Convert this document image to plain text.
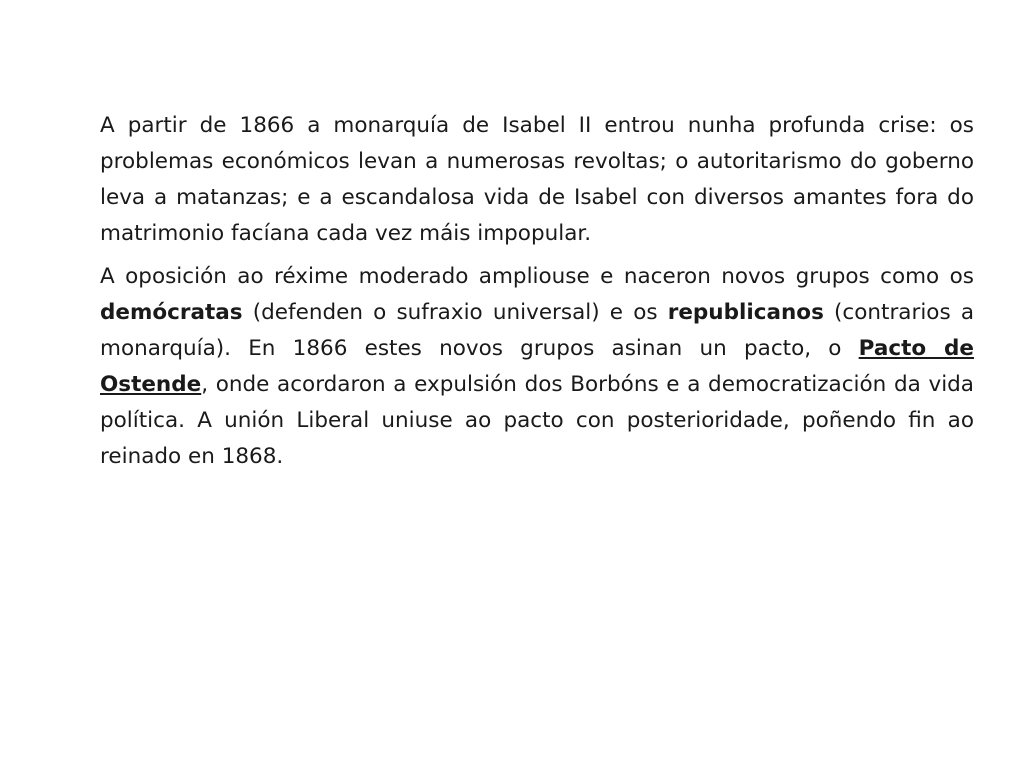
A partir de 1866 a monarquía de Isabel II entrou nunha profunda crise: os problemas económicos levan a numerosas revoltas; o autoritarismo do goberno leva a matanzas; e a escandalosa vida de Isabel con diversos amantes fora do matrimonio facíana cada vez máis impopular.

A oposición ao réxime moderado ampliouse e naceron novos grupos como os demócratas (defenden o sufraxio universal) e os republicanos (contrarios a monarquía). En 1866 estes novos grupos asinan un pacto, o Pacto de Ostende, onde acordaron a expulsión dos Borbóns e a democratización da vida política. A unión Liberal uniuse ao pacto con posterioridade, poñendo fin ao reinado en 1868.
